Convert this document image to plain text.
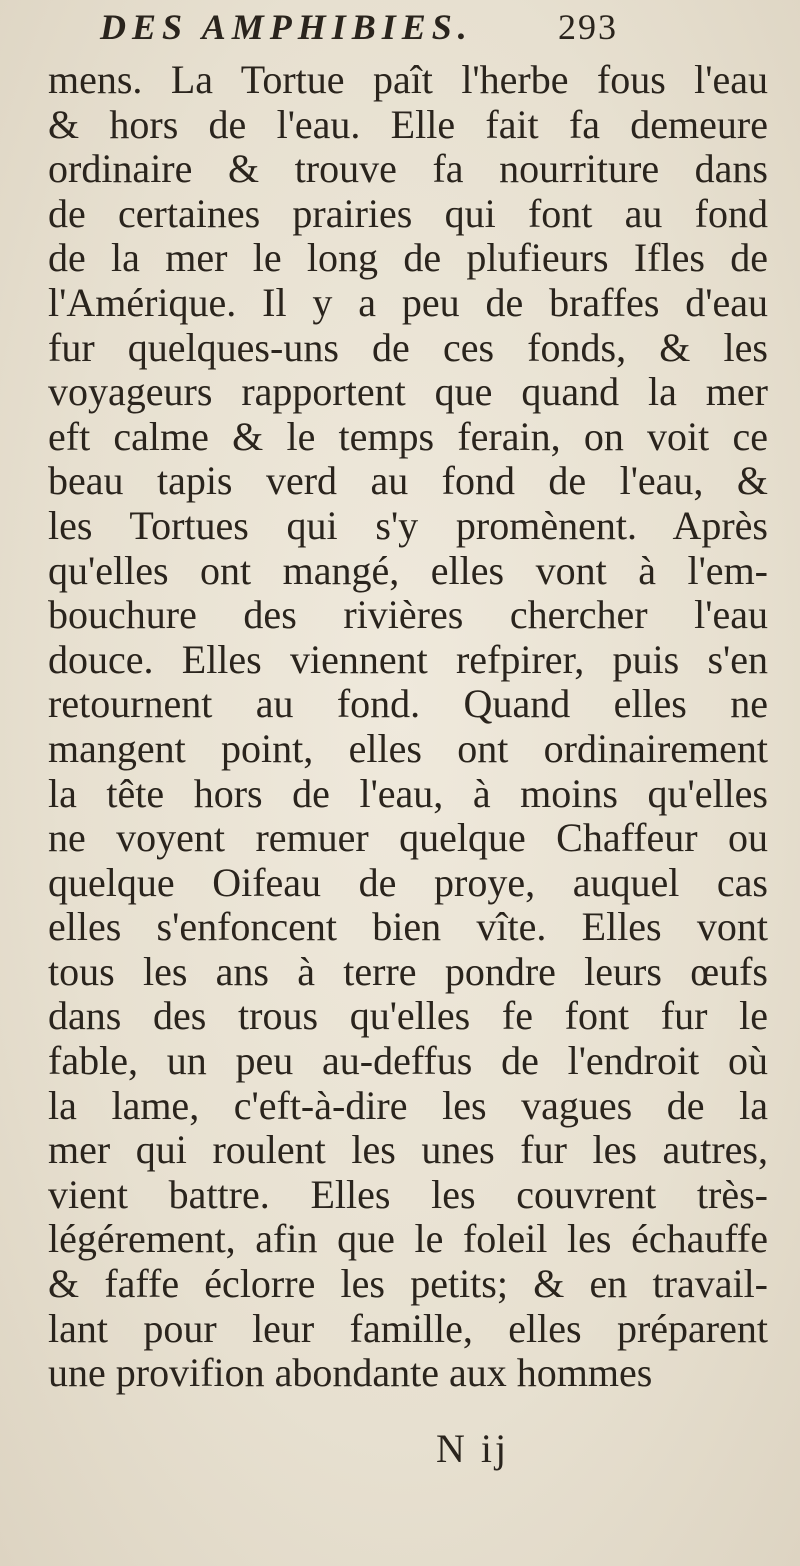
DES AMPHIBIES. 293
mens. La Tortue paît l'herbe fous l'eau
& hors de l'eau. Elle fait fa demeure
ordinaire & trouve fa nourriture dans
de certaines prairies qui font au fond
de la mer le long de plufieurs Ifles de
l'Amérique. Il y a peu de braffes d'eau
fur quelques-uns de ces fonds, & les
voyageurs rapportent que quand la mer
eft calme & le temps ferain, on voit ce
beau tapis verd au fond de l'eau, &
les Tortues qui s'y promènent. Après
qu'elles ont mangé, elles vont à l'em-
bouchure des rivières chercher l'eau
douce. Elles viennent refpirer, puis s'en
retournent au fond. Quand elles ne
mangent point, elles ont ordinairement
la tête hors de l'eau, à moins qu'elles
ne voyent remuer quelque Chaffeur ou
quelque Oifeau de proye, auquel cas
elles s'enfoncent bien vîte. Elles vont
tous les ans à terre pondre leurs œufs
dans des trous qu'elles fe font fur le
fable, un peu au-deffus de l'endroit où
la lame, c'eft-à-dire les vagues de la
mer qui roulent les unes fur les autres,
vient battre. Elles les couvrent très-
légérement, afin que le foleil les échauffe
& faffe éclorre les petits; & en travail-
lant pour leur famille, elles préparent
une provifion abondante aux hommes
N ij
